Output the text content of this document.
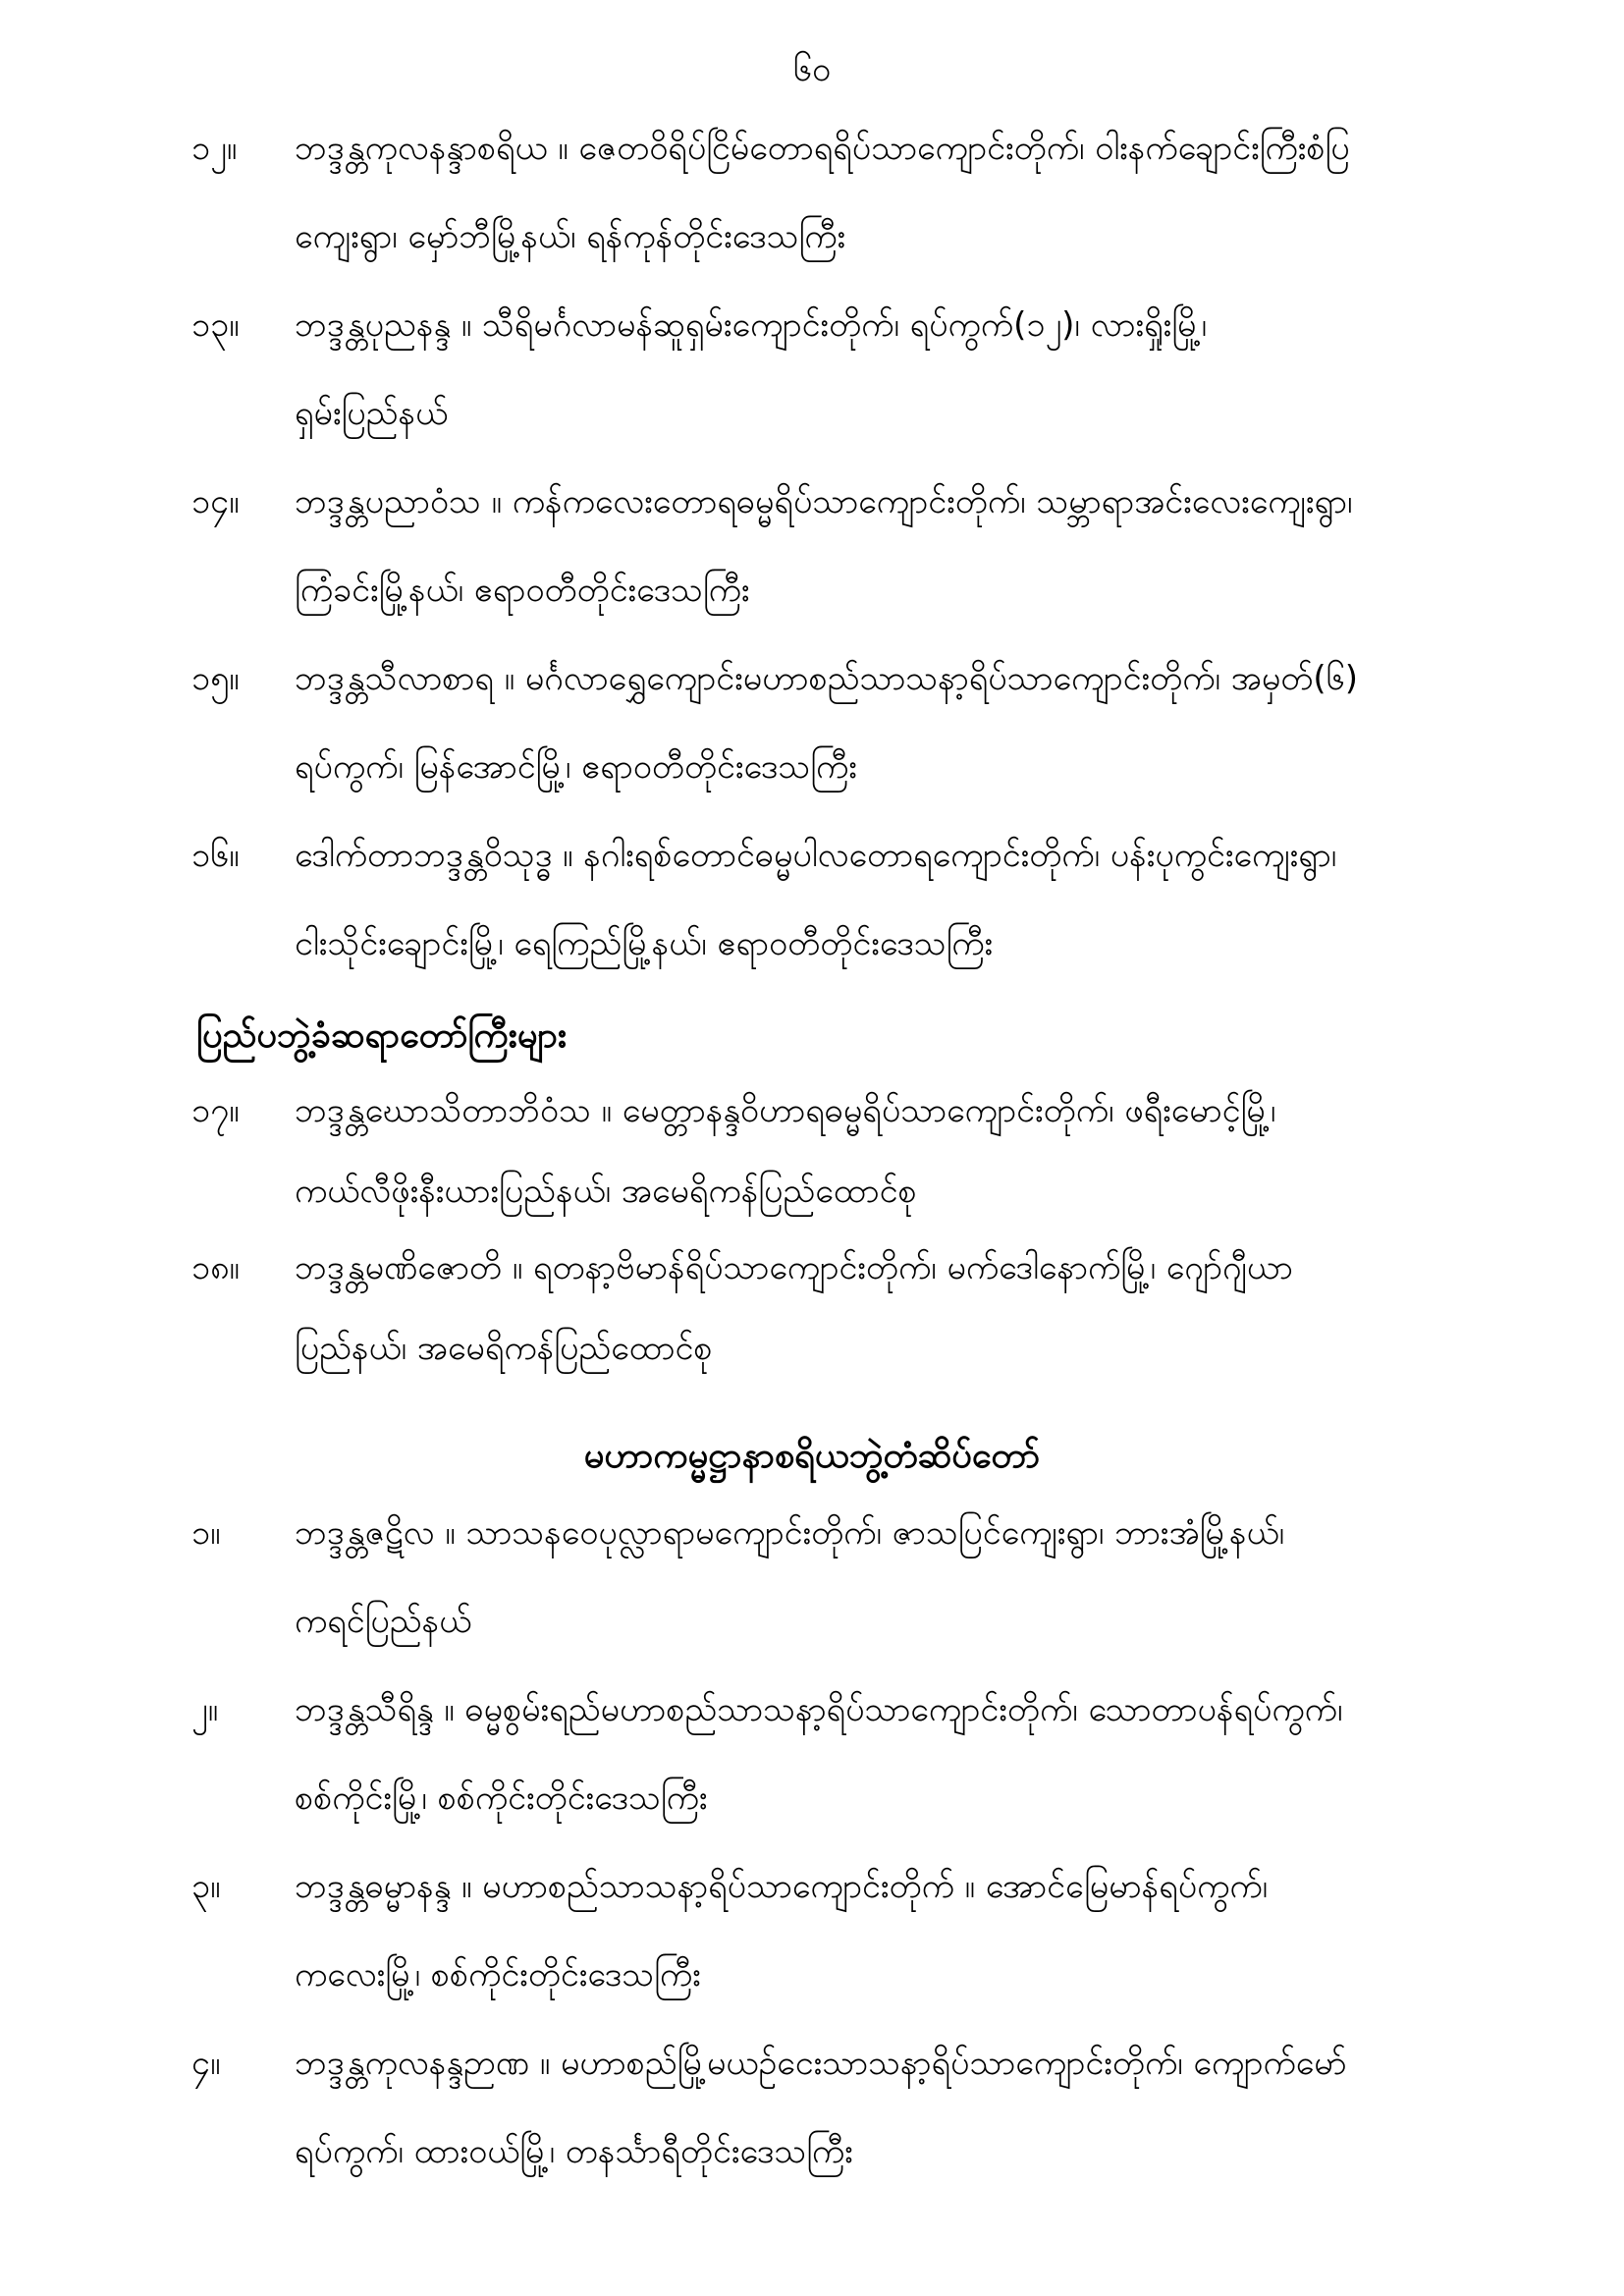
၆၀
၁၂။	ဘဒ္ဒန္တကုလနန္ဒာစရိယ ။ ဇေတဝိရိပ်ငြိမ်တောရရိပ်သာကျောင်းတိုက်၊ ဝါးနက်ချောင်းကြီးစံပြ
ကျေးရွာ၊ မှော်ဘီမြို့နယ်၊ ရန်ကုန်တိုင်းဒေသကြီး
၁၃။	ဘဒ္ဒန္တပုညနန္ဒ ။ သီရိမင်္ဂလာမန်ဆူရှမ်းကျောင်းတိုက်၊ ရပ်ကွက်(၁၂)၊ လားရှိုးမြို့၊
ရှမ်းပြည်နယ်
၁၄။	ဘဒ္ဒန္တပညာဝံသ ။ ကန်ကလေးတောရဓမ္မရိပ်သာကျောင်းတိုက်၊ သမ္ဘာရာအင်းလေးကျေးရွာ၊
ကြံခင်းမြို့နယ်၊ ဧရာဝတီတိုင်းဒေသကြီး
၁၅။	ဘဒ္ဒန္တသီလာစာရ ။ မင်္ဂလာရွှေကျောင်းမဟာစည်သာသနာ့ရိပ်သာကျောင်းတိုက်၊ အမှတ်(၆)
ရပ်ကွက်၊ မြန်အောင်မြို့၊ ဧရာဝတီတိုင်းဒေသကြီး
၁၆။	ဒေါက်တာဘဒ္ဒန္တဝိသုဒ္ဓ ။ နဂါးရစ်တောင်ဓမ္မပါလတောရကျောင်းတိုက်၊ ပန်းပုကွင်းကျေးရွာ၊
ငါးသိုင်းချောင်းမြို့၊ ရေကြည်မြို့နယ်၊ ဧရာဝတီတိုင်းဒေသကြီး
ပြည်ပဘွဲ့ခံဆရာတော်ကြီးများ
၁၇။	ဘဒ္ဒန္တဃောသိတာဘိဝံသ ။ မေတ္တာနန္ဒဝိဟာရဓမ္မရိပ်သာကျောင်းတိုက်၊ ဖရီးမောင့်မြို့၊
ကယ်လီဖိုးနီးယားပြည်နယ်၊ အမေရိကန်ပြည်ထောင်စု
၁၈။	ဘဒ္ဒန္တမဏိဇောတိ ။ ရတနာ့ဗိမာန်ရိပ်သာကျောင်းတိုက်၊ မက်ဒေါနောက်မြို့၊ ဂျော်ဂျီယာ
ပြည်နယ်၊ အမေရိကန်ပြည်ထောင်စု
မဟာကမ္မဋ္ဌာနာစရိယဘွဲ့တံဆိပ်တော်
၁။	ဘဒ္ဒန္တဇဋိလ ။ သာသနဝေပုလ္လာရာမကျောင်းတိုက်၊ ဇာသပြင်ကျေးရွာ၊ ဘားအံမြို့နယ်၊
ကရင်ပြည်နယ်
၂။	ဘဒ္ဒန္တသီရိန္ဒ ။ ဓမ္မစွမ်းရည်မဟာစည်သာသနာ့ရိပ်သာကျောင်းတိုက်၊ သောတာပန်ရပ်ကွက်၊
စစ်ကိုင်းမြို့၊ စစ်ကိုင်းတိုင်းဒေသကြီး
၃။	ဘဒ္ဒန္တဓမ္မာနန္ဒ ။ မဟာစည်သာသနာ့ရိပ်သာကျောင်းတိုက် ။ အောင်မြေမာန်ရပ်ကွက်၊
ကလေးမြို့၊ စစ်ကိုင်းတိုင်းဒေသကြီး
၄။	ဘဒ္ဒန္တကုလနန္ဒဉာဏ ။ မဟာစည်မြို့မယဉ်ငေးသာသနာ့ရိပ်သာကျောင်းတိုက်၊ ကျောက်မော်
ရပ်ကွက်၊ ထားဝယ်မြို့၊ တနင်္သာရီတိုင်းဒေသကြီး
